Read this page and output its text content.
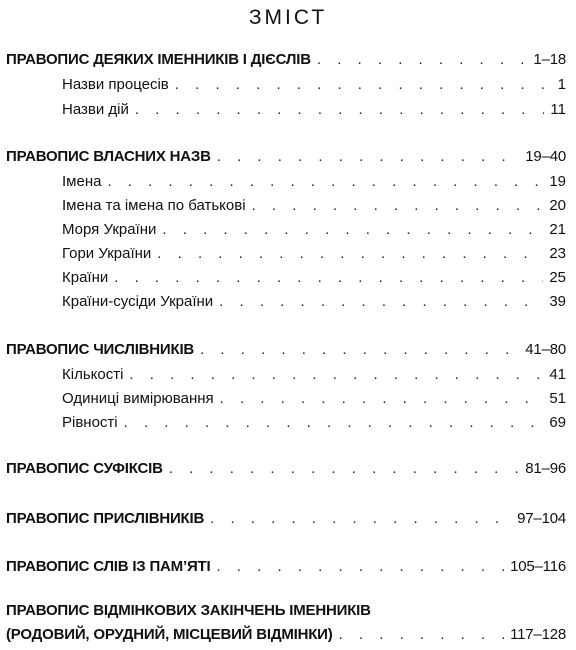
ЗМІСТ
ПРАВОПИС ДЕЯКИХ ІМЕННИКІВ І ДІЄСЛІВ . . .	1–18
Назви процесів . . .	1
Назви дій . . .	11
ПРАВОПИС ВЛАСНИХ НАЗВ . . .	19–40
Імена . . .	19
Імена та імена по батькові . . .	20
Моря України . . .	21
Гори України . . .	23
Країни . . .	25
Країни-сусіди України . . .	39
ПРАВОПИС ЧИСЛІВНИКІВ . . .	41–80
Кількості . . .	41
Одиниці вимірювання . . .	51
Рівності . . .	69
ПРАВОПИС СУФІКСІВ . . .	81–96
ПРАВОПИС ПРИСЛІВНИКІВ . . .	97–104
ПРАВОПИС СЛІВ ІЗ ПАМ’ЯТІ . . .	105–116
ПРАВОПИС ВІДМІНКОВИХ ЗАКІНЧЕНЬ ІМЕННИКІВ
(РОДОВИЙ, ОРУДНИЙ, МІСЦЕВИЙ ВІДМІНКИ) . . .	117–128
